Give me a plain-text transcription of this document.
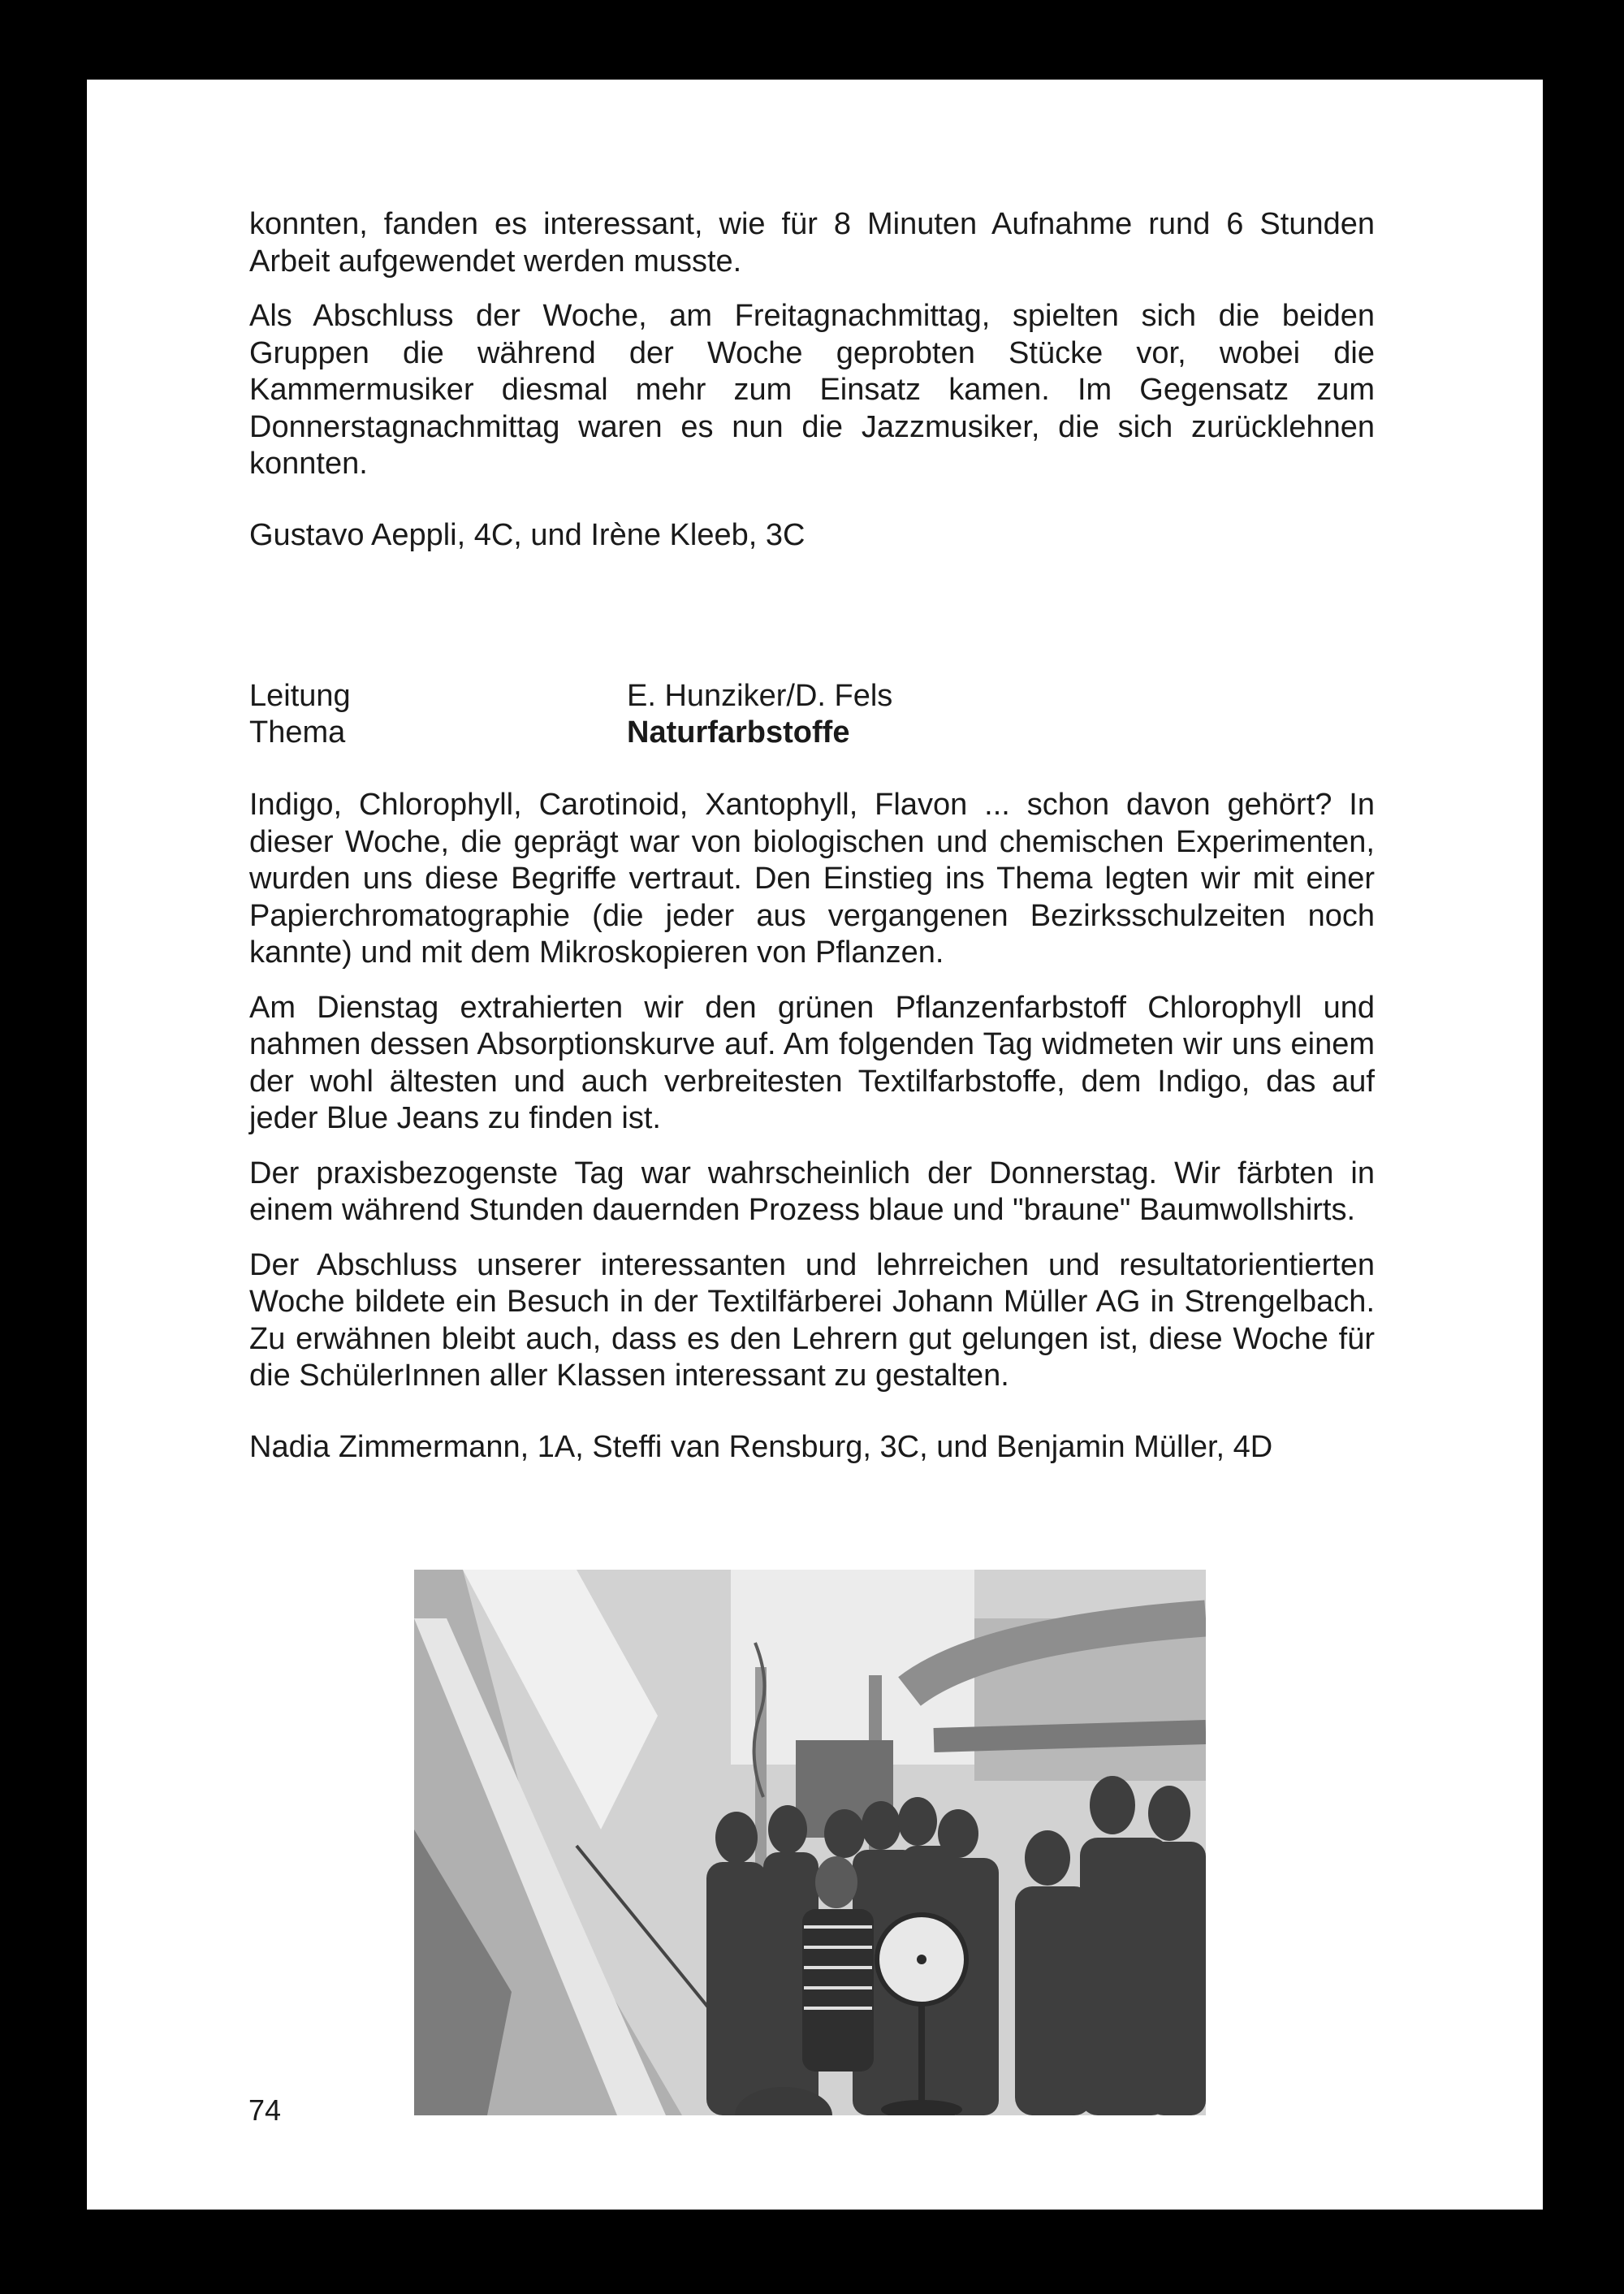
konnten, fanden es interessant, wie für 8 Minuten Aufnahme rund 6 Stunden Arbeit aufgewendet werden musste.

Als Abschluss der Woche, am Freitagnachmittag, spielten sich die beiden Gruppen die während der Woche geprobten Stücke vor, wobei die Kammermusiker diesmal mehr zum Einsatz kamen. Im Gegensatz zum Donnerstagnachmittag waren es nun die Jazzmusiker, die sich zurücklehnen konnten.

Gustavo Aeppli, 4C, und Irène Kleeb, 3C

Leitung	E. Hunziker/D. Fels
Thema	Naturfarbstoffe

Indigo, Chlorophyll, Carotinoid, Xantophyll, Flavon ... schon davon gehört? In dieser Woche, die geprägt war von biologischen und chemischen Experimenten, wurden uns diese Begriffe vertraut. Den Einstieg ins Thema legten wir mit einer Papierchromatographie (die jeder aus vergangenen Bezirksschulzeiten noch kannte) und mit dem Mikroskopieren von Pflanzen.

Am Dienstag extrahierten wir den grünen Pflanzenfarbstoff Chlorophyll und nahmen dessen Absorptionskurve auf. Am folgenden Tag widmeten wir uns einem der wohl ältesten und auch verbreitesten Textilfarbstoffe, dem Indigo, das auf jeder Blue Jeans zu finden ist.

Der praxisbezogenste Tag war wahrscheinlich der Donnerstag. Wir färbten in einem während Stunden dauernden Prozess blaue und "braune" Baumwollshirts.

Der Abschluss unserer interessanten und lehrreichen und resultatorientierten Woche bildete ein Besuch in der Textilfärberei Johann Müller AG in Strengelbach. Zu erwähnen bleibt auch, dass es den Lehrern gut gelungen ist, diese Woche für die SchülerInnen aller Klassen interessant zu gestalten.

Nadia Zimmermann, 1A, Steffi van Rensburg, 3C, und Benjamin Müller, 4D

74
